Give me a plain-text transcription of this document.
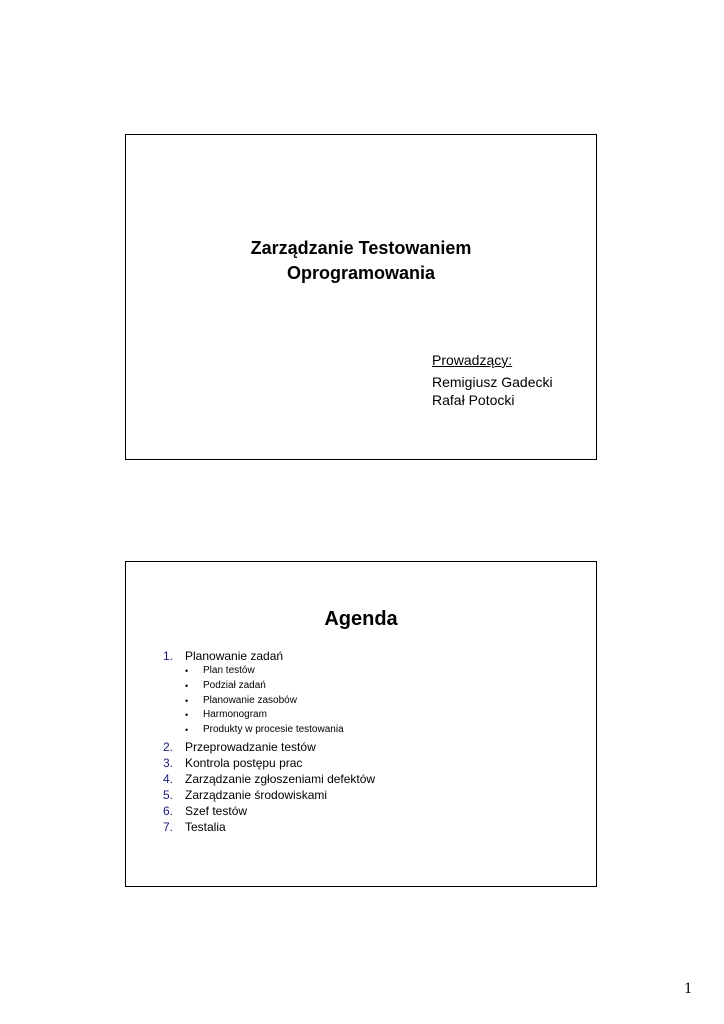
Zarządzanie Testowaniem
Oprogramowania
Prowadzący:
Remigiusz Gadecki
Rafał Potocki
Agenda
1. Planowanie zadań
• Plan testów
• Podział zadań
• Planowanie zasobów
• Harmonogram
• Produkty w procesie testowania
2. Przeprowadzanie testów
3. Kontrola postępu prac
4. Zarządzanie zgłoszeniami defektów
5. Zarządzanie środowiskami
6. Szef testów
7. Testalia
1
